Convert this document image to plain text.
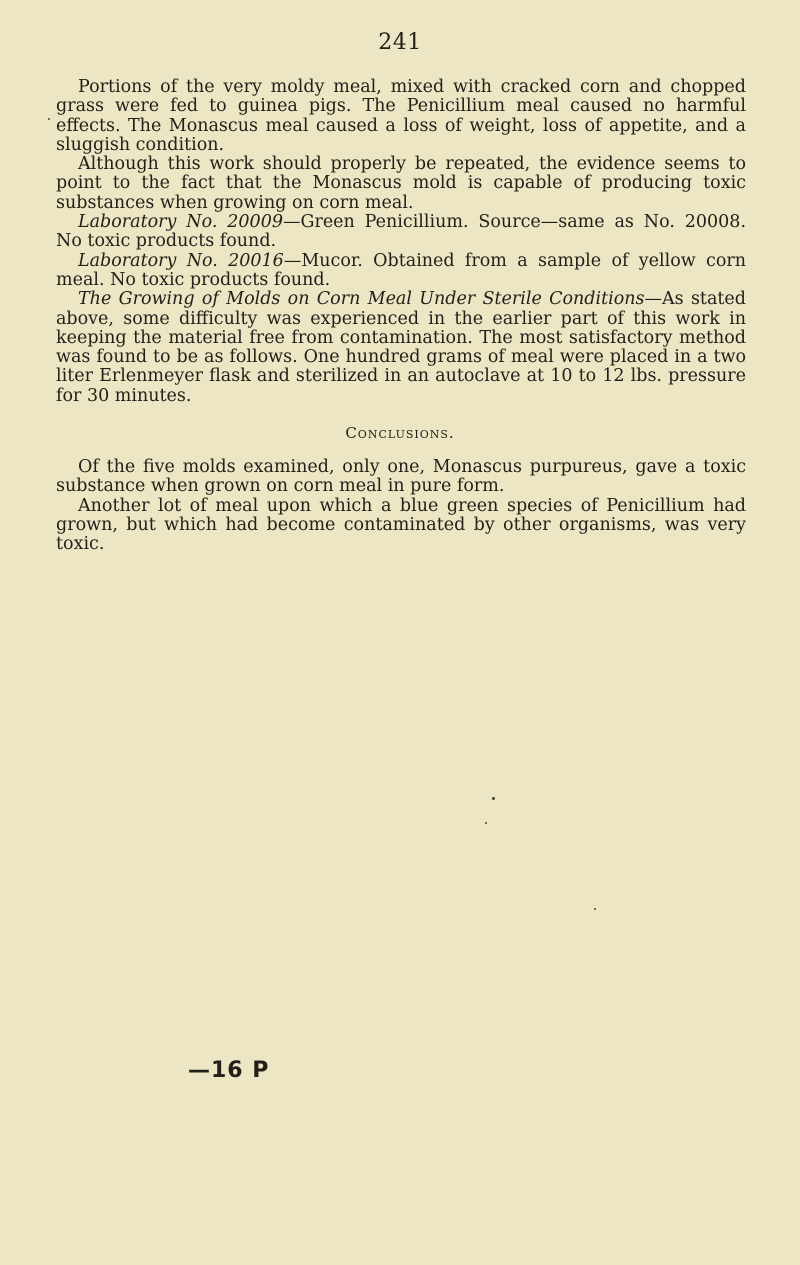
241

Portions of the very moldy meal, mixed with cracked corn and chopped grass were fed to guinea pigs. The Penicillium meal caused no harmful effects. The Monascus meal caused a loss of weight, loss of appetite, and a sluggish condition.

Although this work should properly be repeated, the evidence seems to point to the fact that the Monascus mold is capable of producing toxic substances when growing on corn meal.

Laboratory No. 20009—Green Penicillium. Source—same as No. 20008. No toxic products found.

Laboratory No. 20016—Mucor. Obtained from a sample of yellow corn meal. No toxic products found.

The Growing of Molds on Corn Meal Under Sterile Conditions—As stated above, some difficulty was experienced in the earlier part of this work in keeping the material free from contamination. The most satisfactory method was found to be as follows. One hundred grams of meal were placed in a two liter Erlenmeyer flask and sterilized in an autoclave at 10 to 12 lbs. pressure for 30 minutes.

Conclusions.

Of the five molds examined, only one, Monascus purpureus, gave a toxic substance when grown on corn meal in pure form.

Another lot of meal upon which a blue green species of Penicillium had grown, but which had become contaminated by other organisms, was very toxic.

—16 P
